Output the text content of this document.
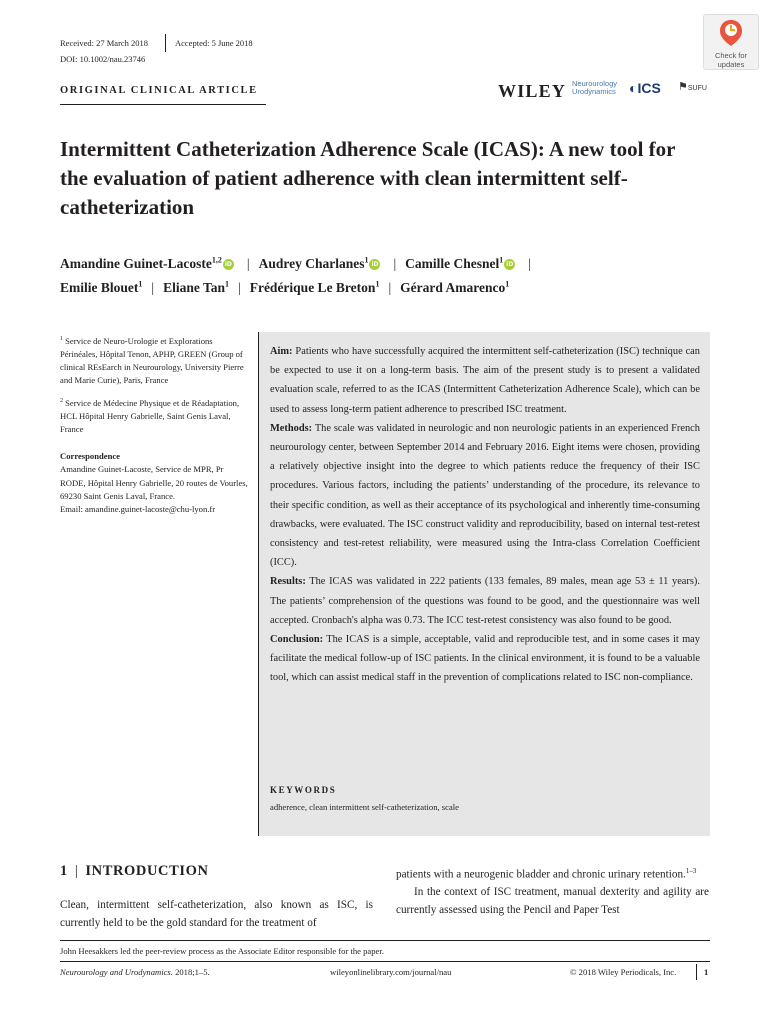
Received: 27 March 2018	Accepted: 5 June 2018
DOI: 10.1002/nau.23746
ORIGINAL CLINICAL ARTICLE	WILEY Neurourology
Urodynamics ◐ICS ⚑SUFU
Check for updates
Intermittent Catheterization Adherence Scale (ICAS): A new tool for the evaluation of patient adherence with clean intermittent self-catheterization
Amandine Guinet-Lacoste$^{1,2}$iD | Audrey Charlanes$^1$iD | Camille Chesnel$^1$iD |
Emilie Blouet$^1$ | Eliane Tan$^1$ | Frédérique Le Breton$^1$ | Gérard Amarenco$^1$

$^1$ Service de Neuro-Urologie et Explorations Périnéales, Hôpital Tenon, APHP, GREEN (Group of clinical REsEarch in Neurourology, University Pierre and Marie Curie), Paris, France

$^2$ Service de Médecine Physique et de Réadaptation, HCL Hôpital Henry Gabrielle, Saint Genis Laval, France

Correspondence

Amandine Guinet-Lacoste, Service de MPR, Pr RODE, Hôpital Henry Gabrielle, 20 routes de Vourles, 69230 Saint Genis Laval, France.

Email: amandine.guinet-lacoste@chu-lyon.fr

Aim: Patients who have successfully acquired the intermittent self-catheterization (ISC) technique can be expected to use it on a long-term basis. The aim of the present study is to present a validated evaluation scale, referred to as the ICAS (Intermittent Catheterization Adherence Scale), which can be used to assess long-term patient adherence to prescribed ISC treatment.
Methods: The scale was validated in neurologic and non neurologic patients in an experienced French neurourology center, between September 2014 and February 2016. Eight items were chosen, providing a relatively objective insight into the degree to which patients reduce the frequency of their ISC procedures. Various factors, including the patients’ understanding of the procedure, its relevance to their specific condition, as well as their acceptance of its psychological and inherently time-consuming drawbacks, were evaluated. The ISC construct validity and reproducibility, based on internal test-retest consistency and test-retest reliability, were measured using the Intra-class Correlation Coefficient (ICC).
Results: The ICAS was validated in 222 patients (133 females, 89 males, mean age 53 ± 11 years). The patients’ comprehension of the questions was found to be good, and the questionnaire was well accepted. Cronbach's alpha was 0.73. The ICC test-retest consistency was also found to be good.
Conclusion: The ICAS is a simple, acceptable, valid and reproducible test, and in some cases it may facilitate the medical follow-up of ISC patients. In the clinical environment, it is found to be a valuable tool, which can assist medical staff in the prevention of complications related to ISC non-compliance.
KEYWORDS
adherence, clean intermittent self-catheterization, scale
1 | INTRODUCTION
Clean, intermittent self-catheterization, also known as ISC, is currently held to be the gold standard for the treatment of
patients with a neurogenic bladder and chronic urinary retention.$^{1-3}$
In the context of ISC treatment, manual dexterity and agility are currently assessed using the Pencil and Paper Test
John Heesakkers led the peer-review process as the Associate Editor responsible for the paper.
Neurourology and Urodynamics. 2018;1–5.	wileyonlinelibrary.com/journal/nau	© 2018 Wiley Periodicals, Inc.	1
